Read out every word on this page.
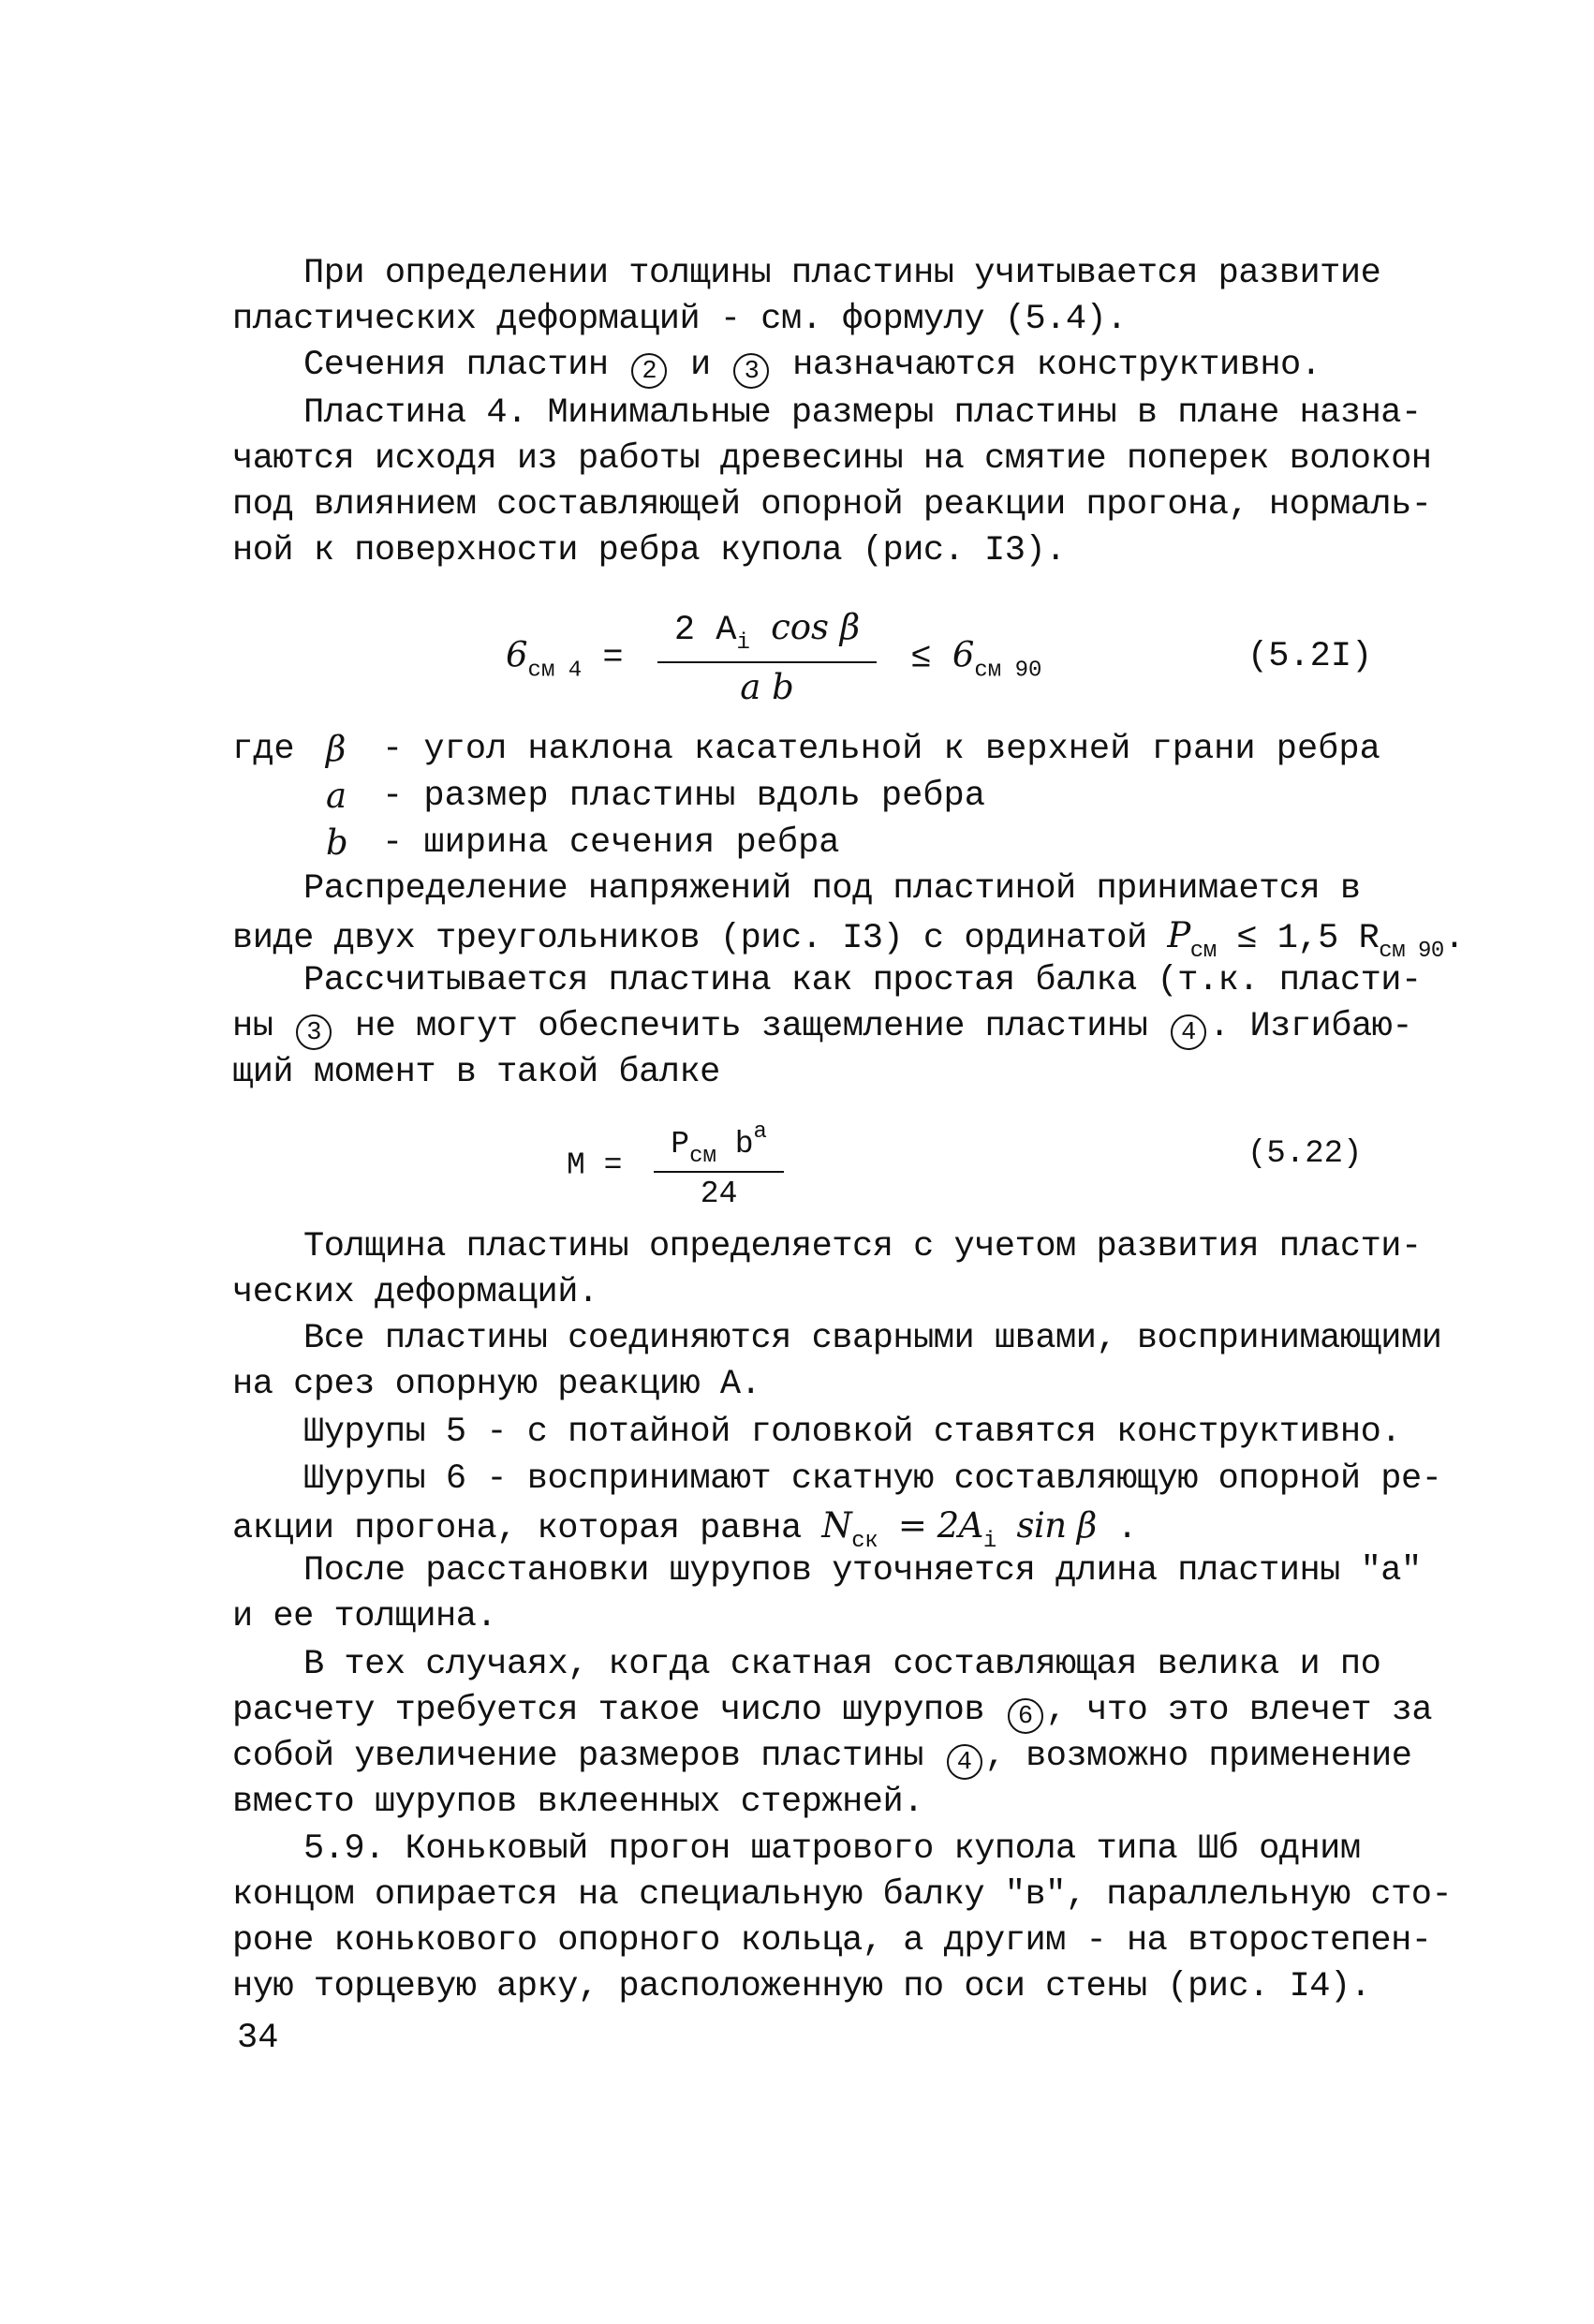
При определении толщины пластины учитывается развитие
пластических деформаций - см. формулу (5.4).
Сечения пластин 2 и 3 назначаются конструктивно.
Пластина 4. Минимальные размеры пластины в плане назна-
чаются исходя из работы древесины на смятие поперек волокон
под влиянием составляющей опорной реакции прогона, нормаль-
ной к поверхности ребра купола (рис. I3).
$6_{см 4} = \frac{2 A_i \cos \beta}{\text{a b}} \le 6_{см 90}$	(5.2I)
где β	- угол наклона касательной к верхней грани ребра
a	- размер пластины вдоль ребра
b - ширина сечения ребра
Распределение напряжений под пластиной принимается в
виде двух треугольников (рис. I3) с ординатой $P_{см} \le 1,5$ $R_{см 90}$.
Рассчитывается пластина как простая балка (т.к. пласти-
ны 3 не могут обеспечить защемление пластины 4 . Изгибаю-
щий момент в такой балке
$M = \frac{P_{см} b^a}{24}$	(5.22)
Толщина пластины определяется с учетом развития пласти-
ческих деформаций.
Все пластины соединяются сварными швами, воспринимающими
на срез опорную реакцию A.
Шурупы 5 - с потайной головкой ставятся конструктивно.
Шурупы 6 - воспринимают скатную составляющую опорной ре-
акции прогона, которая равна $N_{ск} = 2A_i$ sin β .
После расстановки шурупов уточняется длина пластины "а"
и ее толщина.
В тех случаях, когда скатная составляющая велика и по
расчету требуется такое число шурупов 6 , что это влечет за
собой увеличение размеров пластины 4 , возможно применение
вместо шурупов вклеенных стержней.
5.9. Коньковый прогон шатрового купола типа Шб одним
концом опирается на специальную балку "в", параллельную сто-
роне конькового опорного кольца, а другим - на второстепен-
ную торцевую арку, расположенную по оси стены (рис. I4).
34
